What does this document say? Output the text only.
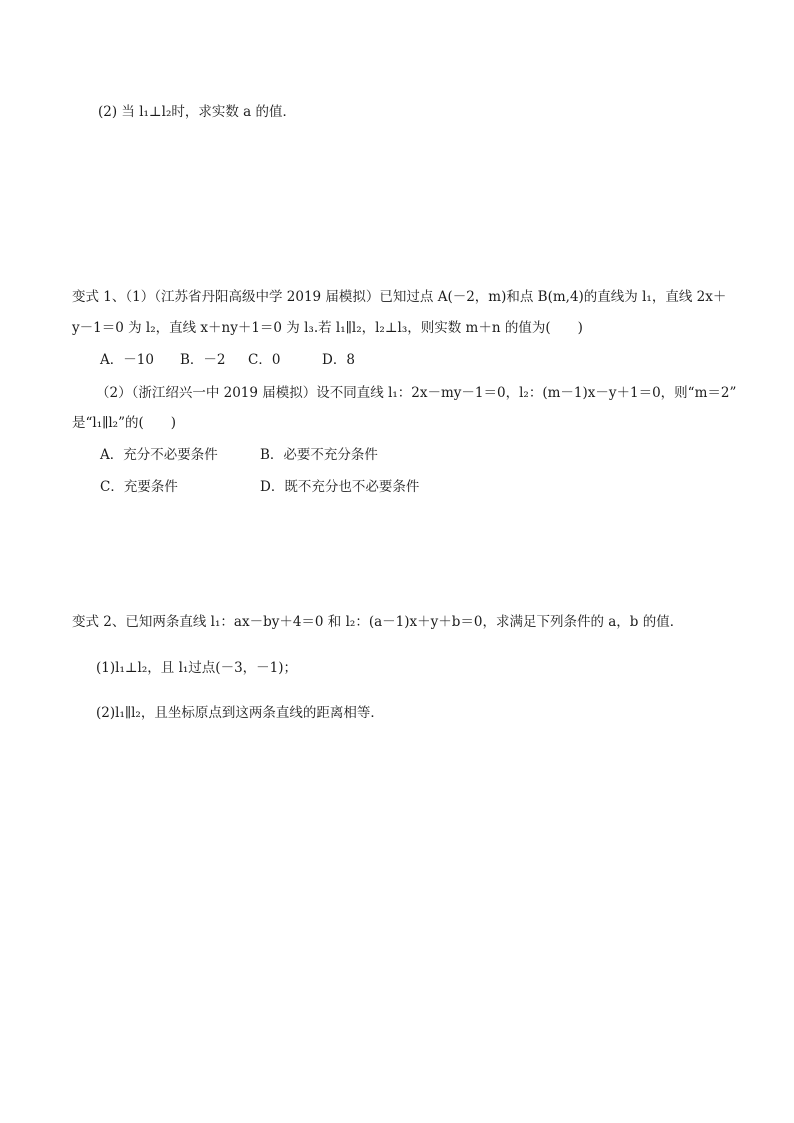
(2) 当 l₁⊥l₂时，求实数 a 的值．
变式 1、（1）（江苏省丹阳高级中学 2019 届模拟）已知过点 A(－2，m)和点 B(m,4)的直线为 l₁，直线 2x＋
y－1＝0 为 l₂，直线 x＋ny＋1＝0 为 l₃.若 l₁∥l₂，l₂⊥l₃，则实数 m＋n 的值为(　　)
A．－10 B．－2 C．0	D．8
（2）（浙江绍兴一中 2019 届模拟）设不同直线 l₁：2x－my－1＝0，l₂：(m－1)x－y＋1＝0，则“m＝2”
是“l₁∥l₂”的(　　)
A．充分不必要条件	B．必要不充分条件
C．充要条件	D．既不充分也不必要条件
变式 2、已知两条直线 l₁：ax－by＋4＝0 和 l₂：(a－1)x＋y＋b＝0，求满足下列条件的 a，b 的值．
(1)l₁⊥l₂，且 l₁过点(－3，－1)；
(2)l₁∥l₂，且坐标原点到这两条直线的距离相等．
